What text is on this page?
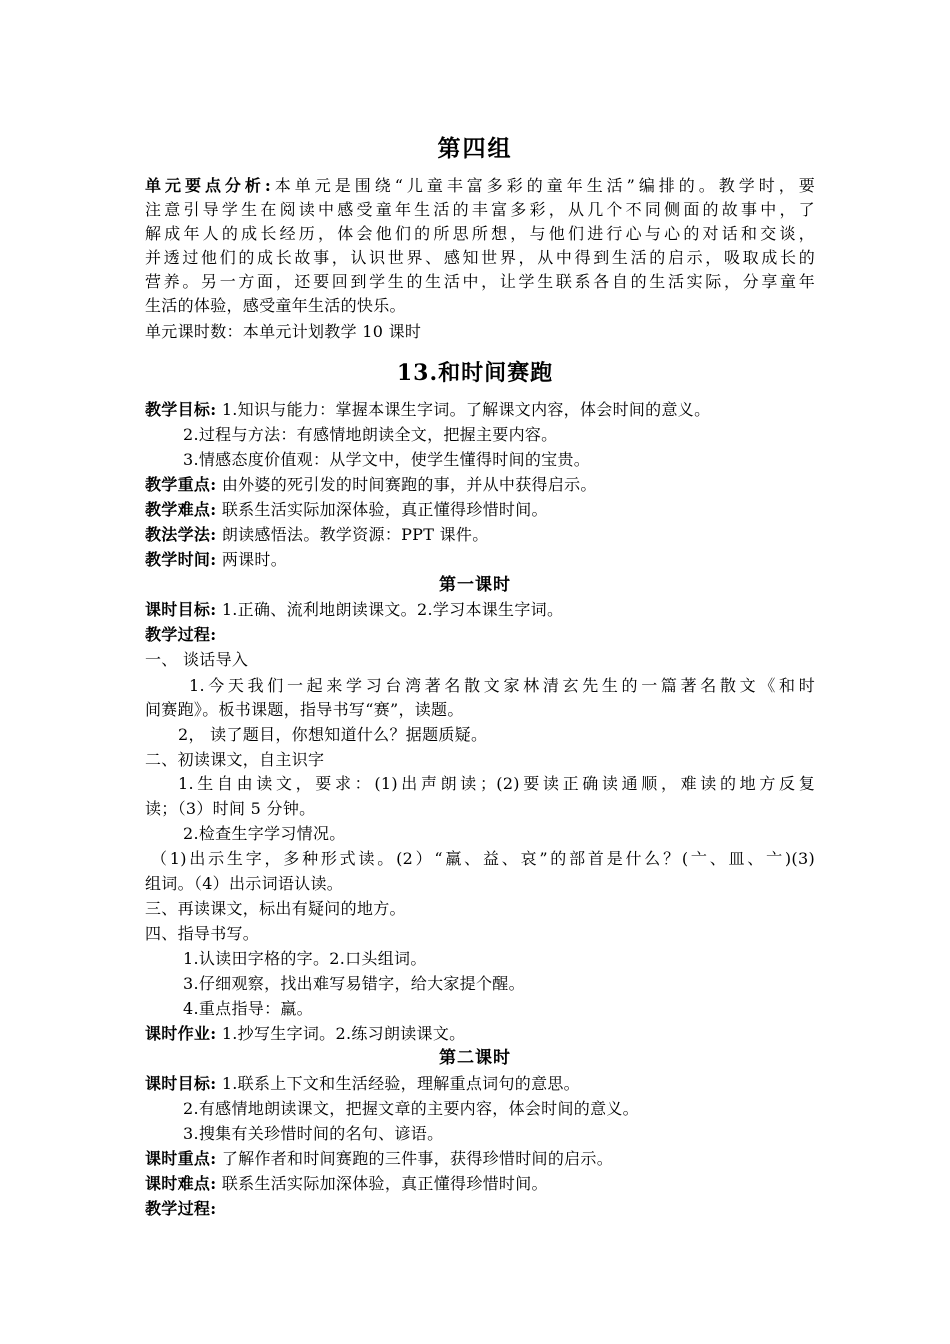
第四组
单元要点分析:本单元是围绕“儿童丰富多彩的童年生活”编排的。教学时，要
注意引导学生在阅读中感受童年生活的丰富多彩，从几个不同侧面的故事中，了
解成年人的成长经历，体会他们的所思所想，与他们进行心与心的对话和交谈，
并透过他们的成长故事，认识世界、感知世界，从中得到生活的启示，吸取成长的
营养。另一方面，还要回到学生的生活中，让学生联系各自的生活实际，分享童年
生活的体验，感受童年生活的快乐。
单元课时数：本单元计划教学 10 课时
13.和时间赛跑
教学目标: 1.知识与能力：掌握本课生字词。了解课文内容，体会时间的意义。
2.过程与方法：有感情地朗读全文，把握主要内容。
3.情感态度价值观：从学文中，使学生懂得时间的宝贵。
教学重点: 由外婆的死引发的时间赛跑的事，并从中获得启示。
教学难点: 联系生活实际加深体验，真正懂得珍惜时间。
教法学法: 朗读感悟法。教学资源：PPT 课件。
教学时间: 两课时。
第一课时
课时目标: 1.正确、流利地朗读课文。2.学习本课生字词。
教学过程:
一、 谈话导入
1.今天我们一起来学习台湾著名散文家林清玄先生的一篇著名散文《和时
间赛跑》。板书课题，指导书写“赛”，读题。
2， 读了题目，你想知道什么？据题质疑。
二、初读课文，自主识字
1.生自由读文，要求：(1)出声朗读；(2)要读正确读通顺，难读的地方反复
读；（3）时间 5 分钟。
2.检查生字学习情况。
（1)出示生字，多种形式读。(2）“羸、益、哀”的部首是什么？(亠、皿、亠)(3)
组词。（4）出示词语认读。
三、再读课文，标出有疑问的地方。
四、指导书写。
1.认读田字格的字。2.口头组词。
3.仔细观察，找出难写易错字，给大家提个醒。
4.重点指导：羸。
课时作业: 1.抄写生字词。2.练习朗读课文。
第二课时
课时目标: 1.联系上下文和生活经验，理解重点词句的意思。
2.有感情地朗读课文，把握文章的主要内容，体会时间的意义。
3.搜集有关珍惜时间的名句、谚语。
课时重点: 了解作者和时间赛跑的三件事，获得珍惜时间的启示。
课时难点: 联系生活实际加深体验，真正懂得珍惜时间。
教学过程:
